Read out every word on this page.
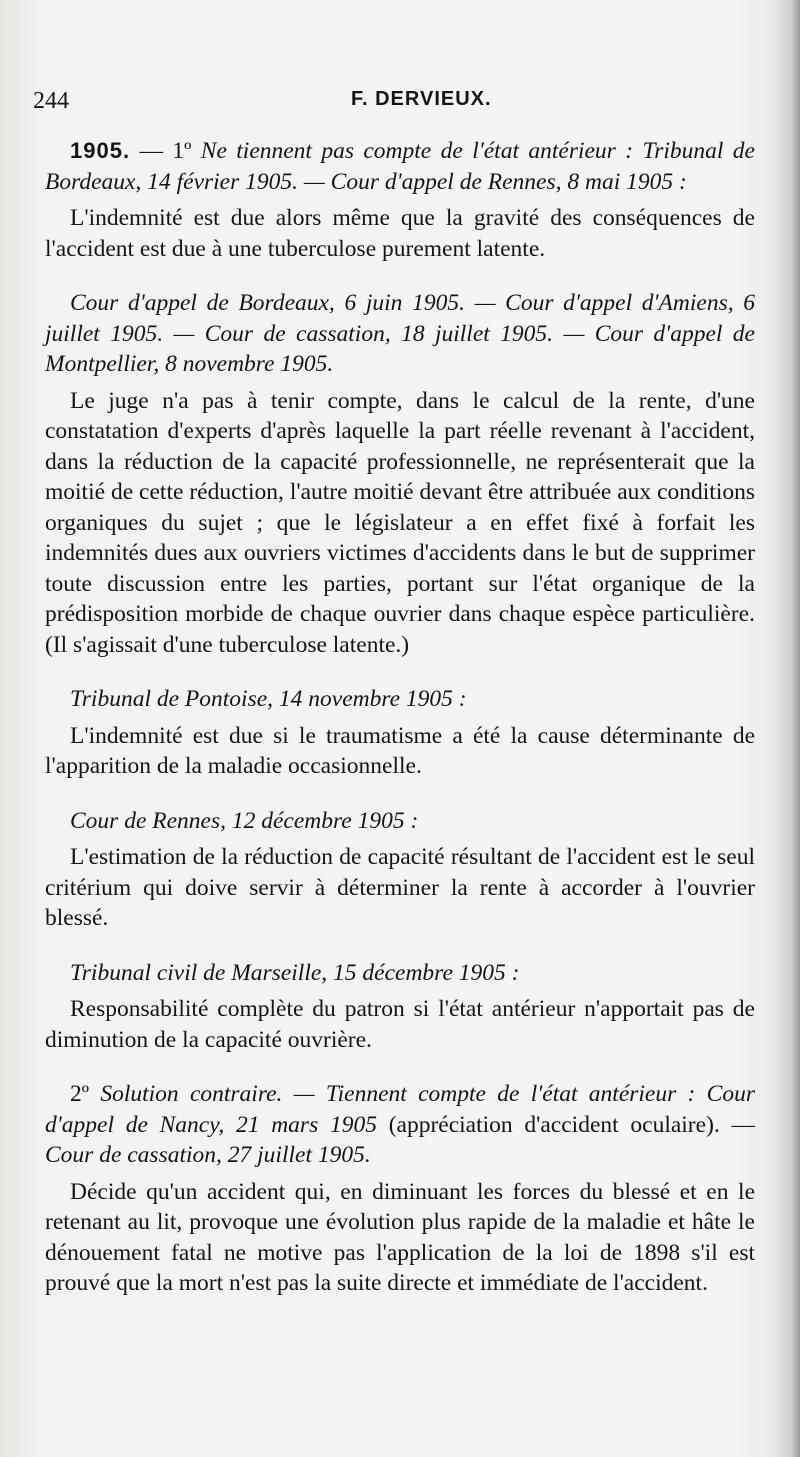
244	F. DERVIEUX.

1905. — 1º Ne tiennent pas compte de l'état antérieur : Tribunal de Bordeaux, 14 février 1905. — Cour d'appel de Rennes, 8 mai 1905 :

L'indemnité est due alors même que la gravité des conséquences de l'accident est due à une tuberculose purement latente.

Cour d'appel de Bordeaux, 6 juin 1905. — Cour d'appel d'Amiens, 6 juillet 1905. — Cour de cassation, 18 juillet 1905. — Cour d'appel de Montpellier, 8 novembre 1905.

Le juge n'a pas à tenir compte, dans le calcul de la rente, d'une constatation d'experts d'après laquelle la part réelle revenant à l'accident, dans la réduction de la capacité professionnelle, ne représenterait que la moitié de cette réduction, l'autre moitié devant être attribuée aux conditions organiques du sujet ; que le législateur a en effet fixé à forfait les indemnités dues aux ouvriers victimes d'accidents dans le but de supprimer toute discussion entre les parties, portant sur l'état organique de la prédisposition morbide de chaque ouvrier dans chaque espèce particulière. (Il s'agissait d'une tuberculose latente.)

Tribunal de Pontoise, 14 novembre 1905 :

L'indemnité est due si le traumatisme a été la cause déterminante de l'apparition de la maladie occasionnelle.

Cour de Rennes, 12 décembre 1905 :

L'estimation de la réduction de capacité résultant de l'accident est le seul critérium qui doive servir à déterminer la rente à accorder à l'ouvrier blessé.

Tribunal civil de Marseille, 15 décembre 1905 :

Responsabilité complète du patron si l'état antérieur n'apportait pas de diminution de la capacité ouvrière.

2º Solution contraire. — Tiennent compte de l'état antérieur : Cour d'appel de Nancy, 21 mars 1905 (appréciation d'accident oculaire). — Cour de cassation, 27 juillet 1905.

Décide qu'un accident qui, en diminuant les forces du blessé et en le retenant au lit, provoque une évolution plus rapide de la maladie et hâte le dénouement fatal ne motive pas l'application de la loi de 1898 s'il est prouvé que la mort n'est pas la suite directe et immédiate de l'accident.
